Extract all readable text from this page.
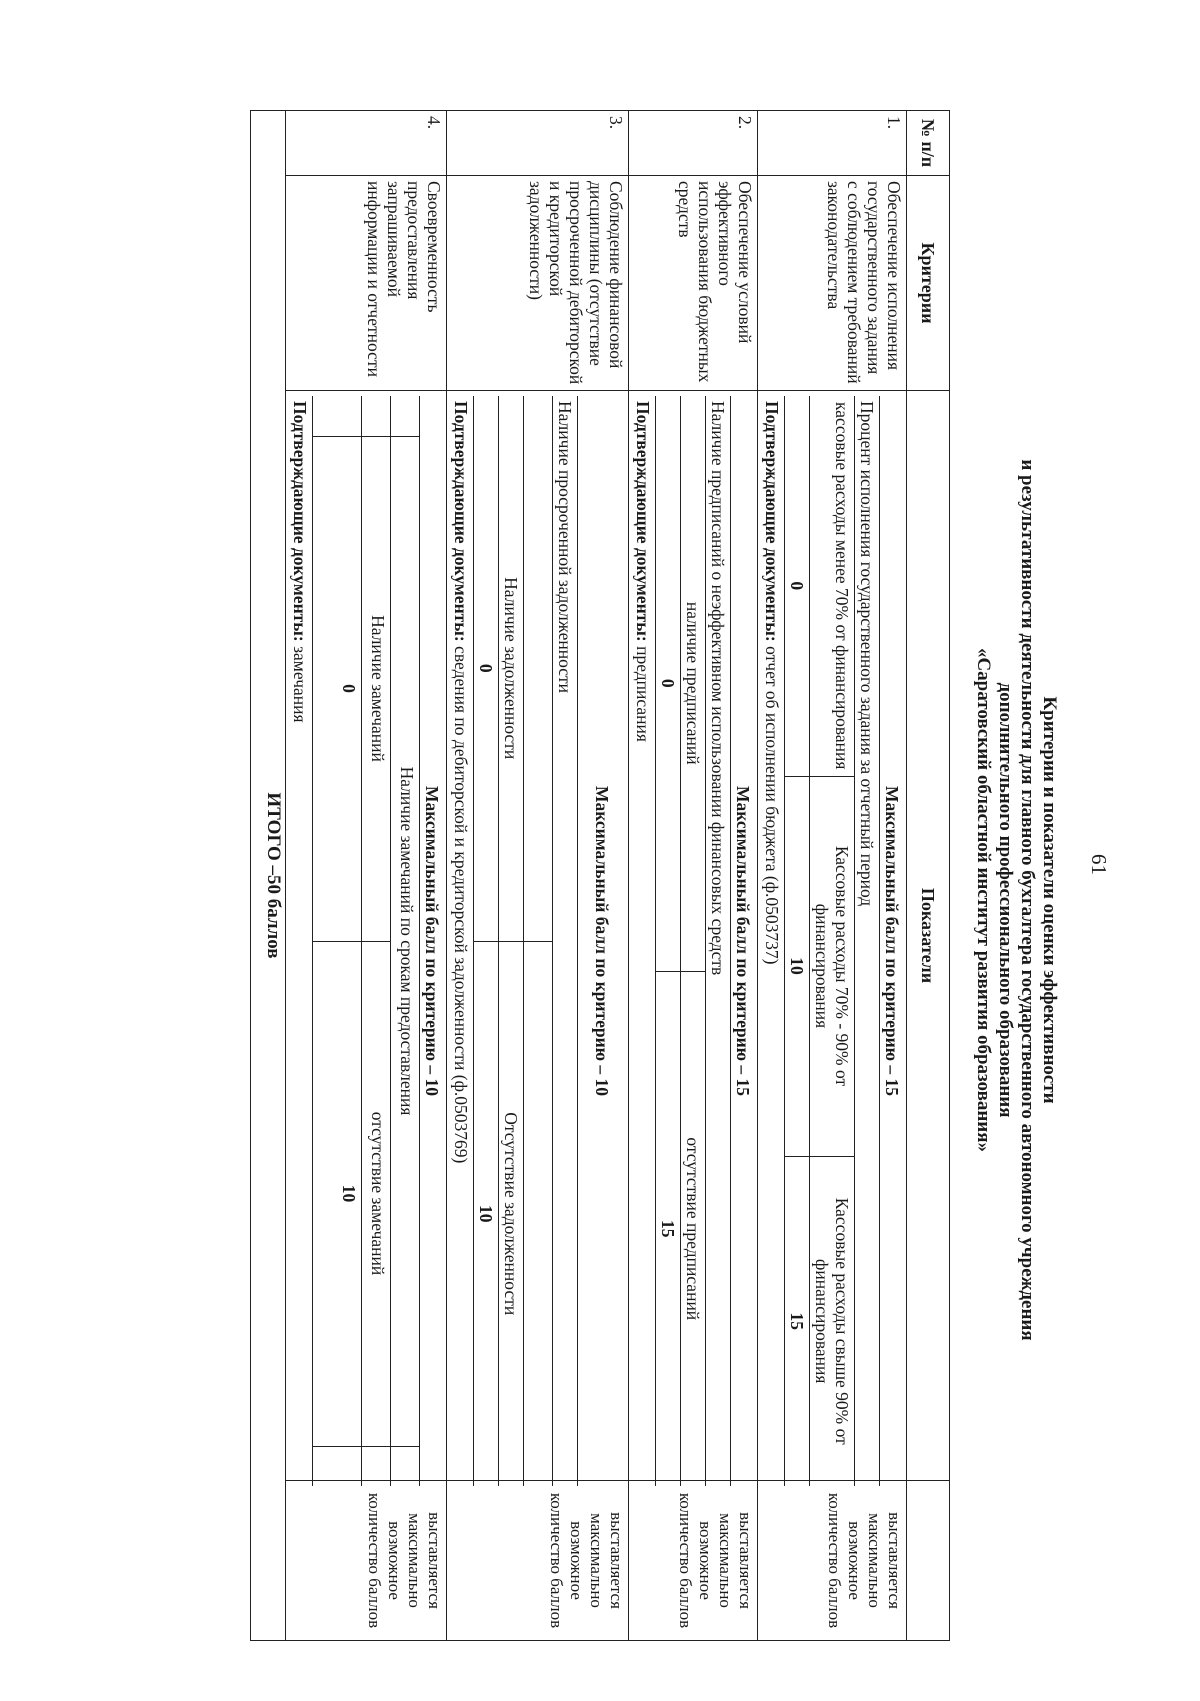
61
Критерии и показатели оценки эффективности
и результативности деятельности для главного бухгалтера государственного автономного учреждения
дополнительного профессионального образования
«Саратовский областной институт развития образования»
№ п/п	Критерии	Показатели	
1.	Обеспечение исполнения государственного задания с соблюдением требований законодательства	
Максимальный балл по критерию – 15
Процент исполнения государственного задания за отчетный период
кассовые расходы менее 70% от финансирования	Кассовые расходы 70% - 90% от финансирования	Кассовые расходы свыше 90% от финансирования
0	10	15
Подтверждающие документы: отчет об исполнении бюджета (ф.0503737)
	выставляется максимально возможное количество баллов
2.	Обеспечение условий эффективного использования бюджетных средств	
Максимальный балл по критерию – 15
Наличие предписаний о неэффективном использовании финансовых средств
наличие предписаний	отсутствие предписаний
0	15
Подтверждающие документы: предписания
	выставляется максимально возможное количество баллов
3.	Соблюдение финансовой дисциплины (отсутствие просроченной дебиторской и кредиторской задолженности)	
Максимальный балл по критерию – 10
Наличие просроченной задолженности

Наличие задолженности	Отсутствие задолженности
0	10
Подтверждающие документы: сведения по дебиторской и кредиторской задолженности (ф.0503769)
	выставляется максимально возможное количество баллов
4.	Своевременность предоставления запрашиваемой информации и отчетности	
Максимальный балл по критерию – 10
	Наличие замечаний по срокам предоставления	
	Наличие замечаний	отсутствие замечаний	
	0	10	
Подтверждающие документы: замечания
	выставляется максимально возможное количество баллов
ИТОГО –50 баллов
